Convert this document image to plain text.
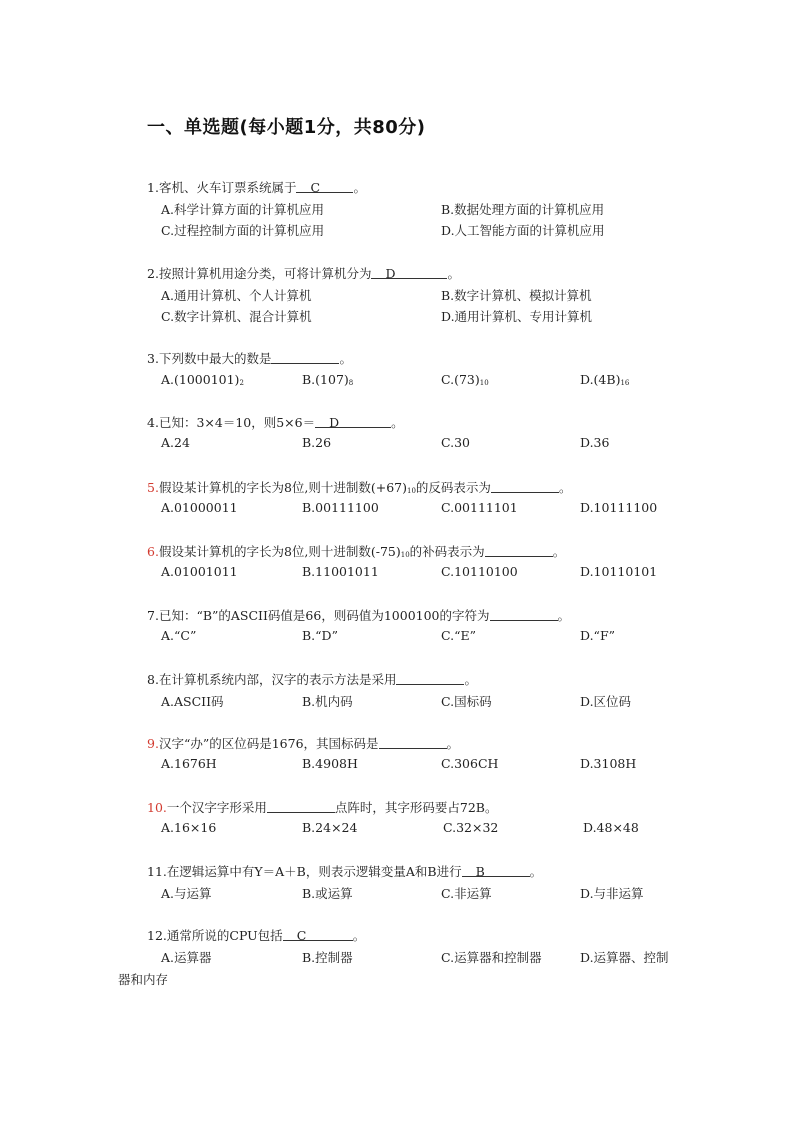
一、单选题(每小题1分，共80分)
1.客机、火车订票系统属于 C	。
A.科学计算方面的计算机应用	B.数据处理方面的计算机应用
C.过程控制方面的计算机应用	D.人工智能方面的计算机应用
2.按照计算机用途分类，可将计算机分为 D	。
A.通用计算机、个人计算机	B.数字计算机、模拟计算机
C.数字计算机、混合计算机	D.通用计算机、专用计算机
3.下列数中最大的数是	。
$A.(1000101)_2$	$B.(107)_8$	$C.(73)_{10}$	$D.(4B)_{16}$
4.已知：3×4＝10，则5×6＝ D	。
A.24	B.26	C.30	D.36
5.假设某计算机的字长为8位,则十进制数$(+67)_{10}$的反码表示为	。
A.01000011	B.00111100	C.00111101	D.10111100
6.假设某计算机的字长为8位,则十进制数$(-75)_{10}$的补码表示为	。
A.01001011	B.11001011	C.10110100	D.10110101
7.已知：“B”的ASCII码值是66，则码值为1000100的字符为	。
A.“C”	B.“D”	C.“E”	D.“F”
8.在计算机系统内部，汉字的表示方法是采用	。
A.ASCII码	B.机内码	C.国标码	D.区位码
9.汉字“办”的区位码是1676，其国标码是	。
A.1676H	B.4908H	C.306CH	D.3108H
10.一个汉字字形采用	点阵时，其字形码要占72B。
A.16×16	B.24×24	C.32×32	D.48×48
11.在逻辑运算中有Y＝A＋B，则表示逻辑变量A和B进行 B	。
A.与运算	B.或运算	C.非运算	D.与非运算
12.通常所说的CPU包括 C	。
A.运算器	B.控制器	C.运算器和控制器	D.运算器、控制
器和内存
